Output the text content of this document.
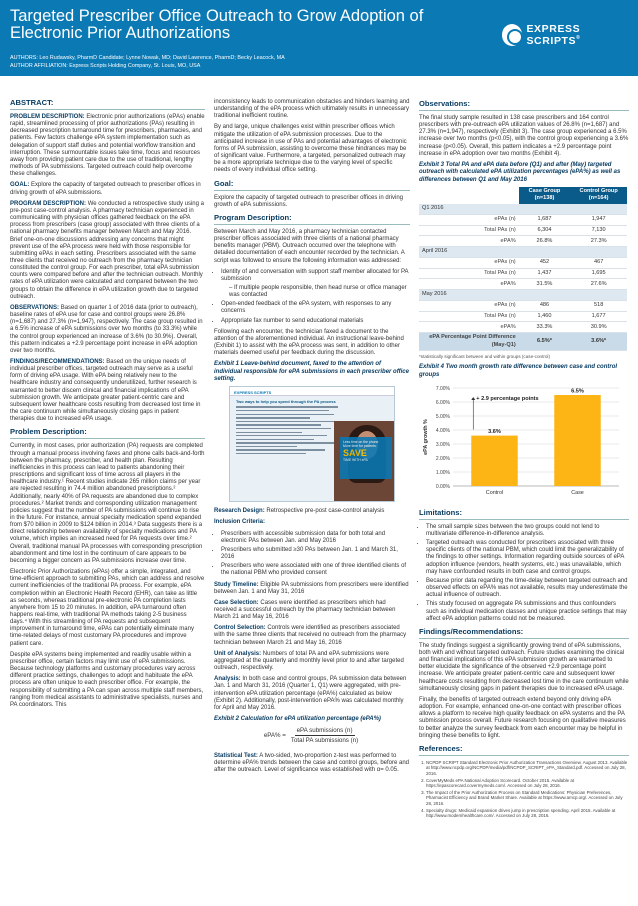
Targeted Prescriber Office Outreach to Grow Adoption of Electronic Prior Authorizations
AUTHORS: Leo Rudawsky, PharmD Candidate; Lynne Nowak, MD; David Lawrence, PharmD; Becky Leacock, MA
AUTHOR AFFILIATION: Express Scripts Holding Company, St. Louis, MO, USA
EXPRESS SCRIPTS®
ABSTRACT:

PROBLEM DESCRIPTION: Electronic prior authorizations (ePAs) enable rapid, streamlined processing of prior authorizations (PAs) resulting in decreased prescription turnaround time for prescribers, pharmacies, and patients. Few factors challenge ePA system implementation such as delegation of support staff duties and potential workflow transition and interruption. These surmountable issues take time, focus and resources away from providing patient care due to the use of traditional, lengthy methods of PA submissions. Targeted outreach could help overcome these challenges.

GOAL: Explore the capacity of targeted outreach to prescriber offices in driving growth of ePA submissions.

PROGRAM DESCRIPTION: We conducted a retrospective study using a pre-post case-control analysis. A pharmacy technician experienced in communicating with physician offices gathered feedback on the ePA process from prescribers (case group) associated with three clients of a national pharmacy benefits manager between March and May 2016. Brief one-on-one discussions addressing any concerns that might prevent use of the ePA process were held with those responsible for submitting ePAs in each setting. Prescribers associated with the same three clients that received no outreach from the pharmacy technician constituted the control group. For each prescriber, total ePA submission counts were compared before and after the technician outreach. Monthly rates of ePA utilization were calculated and compared between the two groups to obtain the difference in ePA utilization growth due to targeted outreach.

OBSERVATIONS: Based on quarter 1 of 2016 data (prior to outreach), baseline rates of ePA use for case and control groups were 26.8% (n=1,687) and 27.3% (n=1,947), respectively. The case group resulted in a 6.5% increase of ePA submissions over two months (to 33.3%) while the control group experienced an increase of 3.6% (to 30.9%). Overall, this pattern indicates a +2.9 percentage point increase in ePA adoption over two months.

FINDINGS/RECOMMENDATIONS: Based on the unique needs of individual prescriber offices, targeted outreach may serve as a useful form of driving ePA usage. With ePA being relatively new to the healthcare industry and consequently underutilized, further research is warranted to better discern clinical and financial implications of ePA submission growth. We anticipate greater patient-centric care and subsequent lower healthcare costs resulting from decreased lost time in the care continuum while simultaneously closing gaps in patient therapies due to increased ePA usage.

Problem Description:

Currently, in most cases, prior authorization (PA) requests are completed through a manual process involving faxes and phone calls back-and-forth between the pharmacy, prescriber, and health plan. Resulting inefficiencies in this process can lead to patients abandoning their prescriptions and significant loss of time across all players in the healthcare industry.¹ Recent studies indicate 265 million claims per year are rejected resulting in 74.4 million abandoned prescriptions.² Additionally, nearly 40% of PA requests are abandoned due to complex procedures.² Market trends and corresponding utilization management policies suggest that the number of PA submissions will continue to rise in the future. For instance, annual specialty medication spend expanded from $70 billion in 2009 to $124 billion in 2014.³ Data suggests there is a direct relationship between availability of specialty medications and PA volume, which implies an increased need for PA requests over time.² Overall, traditional manual PA processes with corresponding prescription abandonment and time lost in the continuum of care appears to be becoming a bigger concern as PA submissions increase over time.

Electronic Prior Authorizations (ePAs) offer a simple, integrated, and time-efficient approach to submitting PAs, which can address and resolve current inefficiencies of the traditional PA process. For example, ePA completion within an Electronic Health Record (EHR), can take as little as seconds, whereas traditional pre-electronic PA completion lasts anywhere from 15 to 20 minutes. In addition, ePA turnaround often happens real-time, with traditional PA methods taking 2-5 business days.⁴ With this streamlining of PA requests and subsequent improvement in turnaround time, ePAs can potentially eliminate many time-related delays of most customary PA procedures and improve patient care.

Despite ePA systems being implemented and readily usable within a prescriber office, certain factors may limit use of ePA submissions. Because technology platforms and customary procedures vary across different practice settings, challenges to adopt and habituate the ePA process are often unique to each prescriber office. For example, the responsibility of submitting a PA can span across multiple staff members, ranging from medical assistants to administrative specialists, nurses and PA coordinators. This

inconsistency leads to communication obstacles and hinders learning and understanding of the ePA process which ultimately results in unnecessary traditional inefficient routine.

By and large, unique challenges exist within prescriber offices which mitigate the utilization of ePA submission processes. Due to the anticipated increase in use of PAs and potential advantages of electronic forms of PA submission, assisting to overcome these hindrances may be of significant value. Furthermore, a targeted, personalized outreach may be a more appropriate technique due to the varying level of specific needs of every individual office setting.

Goal:

Explore the capacity of targeted outreach to prescriber offices in driving growth of ePA submissions.

Program Description:

Between March and May 2016, a pharmacy technician contacted prescriber offices associated with three clients of a national pharmacy benefits manager (PBM). Outreach occurred over the telephone with detailed documentation of each encounter recorded by the technician. A script was followed to ensure the following information was addressed:

• Identity of and conversation with support staff member allocated for PA submission
– If multiple people responsible, then head nurse or office manager was contacted
• Open-ended feedback of the ePA system, with responses to any concerns
• Appropriate fax number to send educational materials

Following each encounter, the technician faxed a document to the attention of the aforementioned individual. An instructional leave-behind (Exhibit 1) to assist with the ePA process was sent, in addition to other materials deemed useful per feedback during the discussion.

Exhibit 1 Leave-behind document, faxed to the attention of individual responsible for ePA submissions in each prescriber office setting.
EXPRESS SCRIPTS
Two ways to help you speed through the PA process
Less time on the phone.
More time for patients.
SAVE
TIME WITH ePA

Research Design: Retrospective pre-post case-control analysis

Inclusion Criteria:

• Prescribers with accessible submission data for both total and electronic PAs between Jan. and May 2016
• Prescribers who submitted ≥30 PAs between Jan. 1 and March 31, 2016
• Prescribers who were associated with one of three identified clients of the national PBM who provided consent

Study Timeline: Eligible PA submissions from prescribers were identified between Jan. 1 and May 31, 2016

Case Selection: Cases were identified as prescribers which had received a successful outreach by the pharmacy technician between March 21 and May 16, 2016

Control Selection: Controls were identified as prescribers associated with the same three clients that received no outreach from the pharmacy technician between March 21 and May 16, 2016

Unit of Analysis: Numbers of total PA and ePA submissions were aggregated at the quarterly and monthly level prior to and after targeted outreach, respectively.

Analysis: In both case and control groups, PA submission data between Jan. 1 and March 31, 2016 (Quarter 1, Q1) were aggregated, with pre-intervention ePA utilization percentage (ePA%) calculated as below (Exhibit 2). Additionally, post-intervention ePA% was calculated monthly for April and May 2016.

Exhibit 2 Calculation for ePA utilization percentage (ePA%)
$ePA\% = \frac{\text{ePA submissions (n)}}{\text{Total PA submissions (n)}}$

Statistical Test: A two-sided, two-proportion z-test was performed to determine ePA% trends between the case and control groups, before and after the outreach. Level of significance was established with α= 0.05.

Observations:

The final study sample resulted in 138 case prescribers and 164 control prescribers with pre-outreach ePA utilization values of 26.8% (n=1,687) and 27.3% (n=1,947), respectively (Exhibit 3). The case group experienced a 6.5% increase over two months (p<0.05), with the control group experiencing a 3.6% increase (p<0.05). Overall, this pattern indicates a +2.9 percentage point increase in ePA adoption over two months (Exhibit 4).

Exhibit 3 Total PA and ePA data before (Q1) and after (May) targeted outreach with calculated ePA utilization percentages (ePA%) as well as differences between Q1 and May 2016
	Case Group (n=138)	Control Group (n=164)
Q1 2016		
ePAs (n)	1,687	1,947
Total PAs (n)	6,304	7,130
ePA%	26.8%	27.3%
April 2016		
ePAs (n)	452	467
Total PAs (n)	1,437	1,695
ePA%	31.5%	27.6%
May 2016		
ePAs (n)	486	518
Total PAs (n)	1,460	1,677
ePA%	33.3%	30.9%
ePA Percentage Point Difference (May-Q1)	6.5%*	3.6%*
*statistically significant between and within groups (case-control)
Exhibit 4 Two month growth rate difference between case and control groups
0.00%
1.00%
2.00%
3.00%
4.00%
5.00%
6.00%
7.00%
ePA growth %
Control
3.6%
Case
6.5%
+ 2.9 percentage points
Limitations:
• The small sample sizes between the two groups could not lend to multivariate difference-in-difference analysis.
• Targeted outreach was conducted for prescribers associated with three specific clients of the national PBM, which could limit the generalizability of the findings to other settings. Information regarding outside sources of ePA adoption influence (vendors, health systems, etc.) was unavailable, which may have confounded results in both case and control groups.
• Because prior data regarding the time-delay between targeted outreach and observed effects on ePA% was not available, results may underestimate the actual influence of outreach.
• This study focused on aggregate PA submissions and thus confounders such as individual medication classes and unique practice settings that may affect ePA adoption patterns could not be measured.
Findings/Recommendations:

The study findings suggest a significantly growing trend of ePA submissions, both with and without targeted outreach. Future studies examining the clinical and financial implications of this ePA submission growth are warranted to better elucidate the significance of the observed +2.9 percentage point increase. We anticipate greater patient-centric care and subsequent lower healthcare costs resulting from decreased lost time in the care continuum while simultaneously closing gaps in patient therapies due to increased ePA usage.

Finally, the benefits of targeted outreach extend beyond only driving ePA adoption. For example, enhanced one-on-one contact with prescriber offices allows a platform to receive high quality feedback on ePA systems and the PA submission process overall. Future research focusing on qualitative measures to better analyze the survey feedback from each encounter may be helpful in bringing these benefits to light.

References:
1. NCPDP SCRIPT Standard Electronic Prior Authorization Transactions Overview. August 2013. Available at http://www.ncpdp.org/NCPDP/media/pdf/NCPDP_SCRIPT_ePA_Standard.pdf. Accessed on July 28, 2016.
2. CoverMyMeds ePA National Adoption Scorecard. October 2015. Available at https://epascorecard.covermymeds.com/. Accessed on July 28, 2016.
3. The Impact of the Prior Authorization Process on Standard Medications: Physician Preferences, Pharmacist Efficiency and Brand Market Share. Available at https://www.amcp.org/. Accessed on July 28, 2016.
4. Specialty drugs: Medicaid expansion drives jump in prescription spending. April 2015. Available at http://www.modernhealthcare.com/. Accessed on July 28, 2016.
